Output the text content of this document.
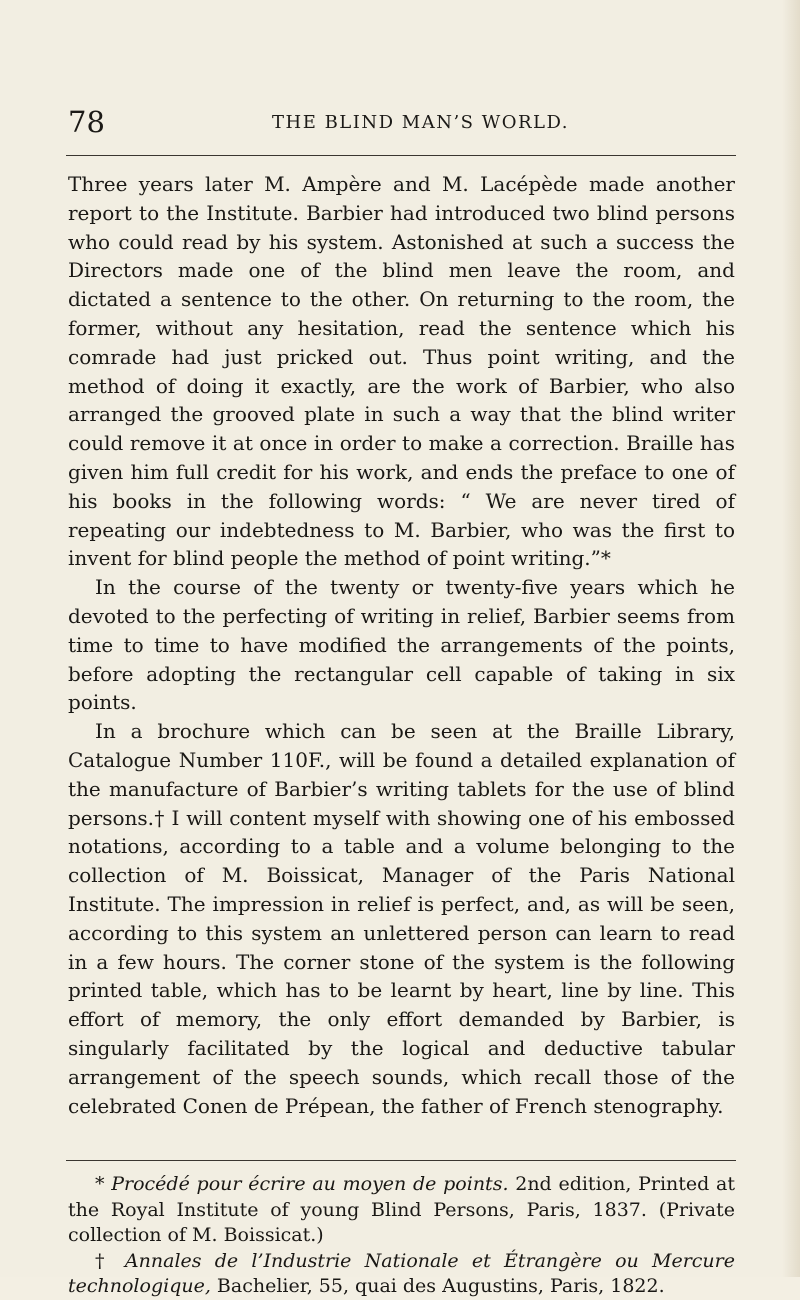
78	THE BLIND MAN’S WORLD.

Three years later M. Ampère and M. Lacépède made another report to the Institute. Barbier had introduced two blind persons who could read by his system. Astonished at such a success the Directors made one of the blind men leave the room, and dictated a sentence to the other. On returning to the room, the former, without any hesitation, read the sentence which his comrade had just pricked out. Thus point writing, and the method of doing it exactly, are the work of Barbier, who also arranged the grooved plate in such a way that the blind writer could remove it at once in order to make a correction. Braille has given him full credit for his work, and ends the preface to one of his books in the following words: “ We are never tired of repeating our indebtedness to M. Barbier, who was the first to invent for blind people the method of point writing.”*

In the course of the twenty or twenty-five years which he devoted to the perfecting of writing in relief, Barbier seems from time to time to have modified the arrangements of the points, before adopting the rectangular cell capable of taking in six points.

In a brochure which can be seen at the Braille Library, Catalogue Number 110F., will be found a detailed explanation of the manufacture of Barbier’s writing tablets for the use of blind persons.† I will content myself with showing one of his embossed notations, according to a table and a volume belonging to the collection of M. Boissicat, Manager of the Paris National Institute. The impression in relief is perfect, and, as will be seen, according to this system an unlettered person can learn to read in a few hours. The corner stone of the system is the following printed table, which has to be learnt by heart, line by line. This effort of memory, the only effort demanded by Barbier, is singularly facilitated by the logical and deductive tabular arrangement of the speech sounds, which recall those of the celebrated Conen de Prépean, the father of French stenography.

* Procédé pour écrire au moyen de points. 2nd edition, Printed at the Royal Institute of young Blind Persons, Paris, 1837. (Private collection of M. Boissicat.)

† Annales de l’Industrie Nationale et Étrangère ou Mercure technologique, Bachelier, 55, quai des Augustins, Paris, 1822.
